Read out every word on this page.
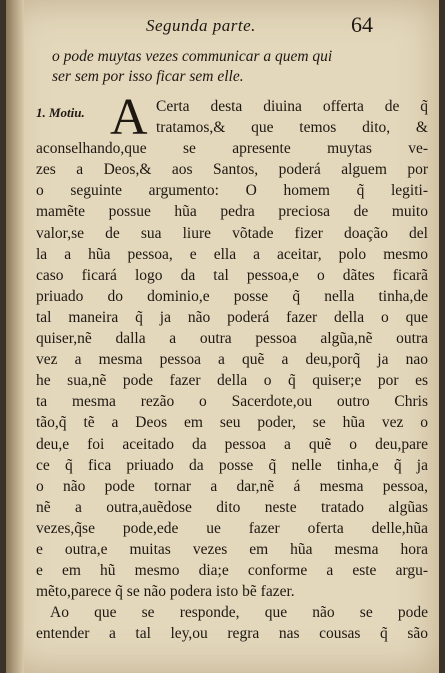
Segunda parte.	64
o pode muytas vezes communicar a quem qui
ser sem por isso ficar sem elle.
1. Motiu. A Certa desta diuina offerta de q̃
tratamos,& que temos dito, &
aconselhando,que se apresente muytas ve-
zes a Deos,& aos Santos, poderá alguem por
o seguinte argumento: O homem q̃ legiti-
mamẽte possue hũa pedra preciosa de muito
valor,se de sua liure võtade fizer doação del
la a hũa pessoa, e ella a aceitar, polo mesmo
caso ficará logo da tal pessoa,e o dãtes ficarã
priuado do dominio,e posse q̃ nella tinha,de
tal maneira q̃ ja não poderá fazer della o que
quiser,nẽ dalla a outra pessoa algũa,nẽ outra
vez a mesma pessoa a quẽ a deu,porq̃ ja nao
he sua,nẽ pode fazer della o q̃ quiser;e por es
ta mesma rezão o Sacerdote,ou outro Chris
tão,q̃ tẽ a Deos em seu poder, se hũa vez o
deu,e foi aceitado da pessoa a quẽ o deu,pare
ce q̃ fica priuado da posse q̃ nelle tinha,e q̃ ja
o não pode tornar a dar,nẽ á mesma pessoa,
nẽ a outra,auẽdose dito neste tratado algũas
vezes,q̃se pode,ede ue fazer oferta delle,hũa
e outra,e muitas vezes em hũa mesma hora
e em hũ mesmo dia;e conforme a este argu-
mẽto,parece q̃ se não podera isto bẽ fazer.
Ao que se responde, que não se pode
entender a tal ley,ou regra nas cousas q̃ são
